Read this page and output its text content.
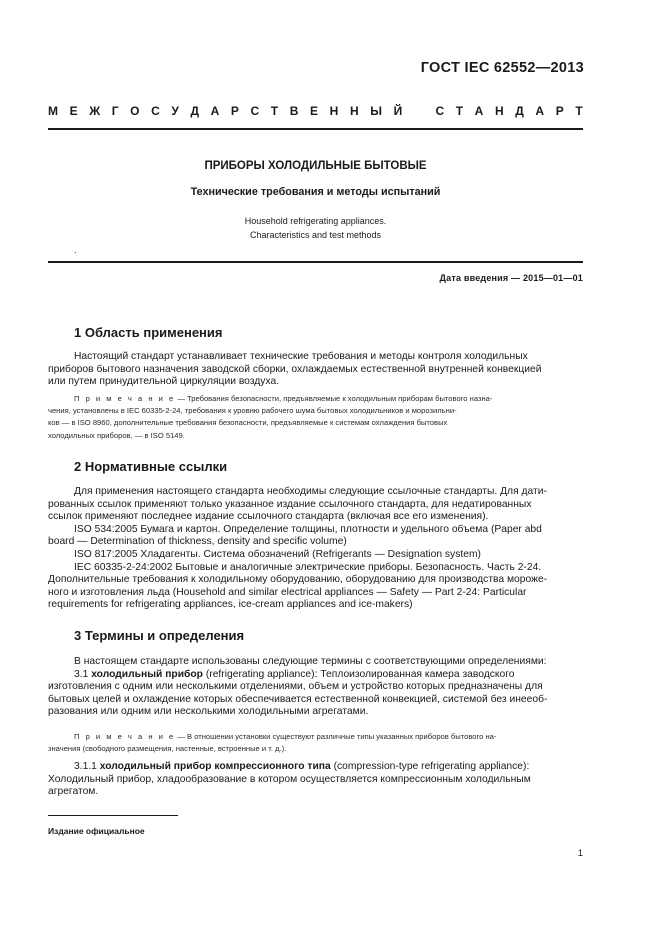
ГОСТ IEC 62552—2013
М Е Ж Г О С У Д А Р С Т В Е Н Н Ы Й
	С Т А Н Д А Р Т
ПРИБОРЫ ХОЛОДИЛЬНЫЕ БЫТОВЫЕ
Технические требования и методы испытаний
Household refrigerating appliances.
Characteristics and test methods
.
Дата введения — 2015—01—01
1 Область применения
Настоящий стандарт устанавливает технические требования и методы контроля холодильных
приборов бытового назначения заводской сборки, охлаждаемых естественной внутренней конвекцией
или путем принудительной циркуляции воздуха.
П р и м е ч а н и е — Требования безопасности, предъявляемые к холодильным приборам бытового назна-
чения, установлены в IEC 60335-2-24, требования к уровню рабочего шума бытовых холодильников и морозильни-
ков — в ISO 8960, дополнительные требования безопасности, предъявляемые к системам охлаждения бытовых
холодильных приборов, — в ISO 5149.
2 Нормативные ссылки
Для применения настоящего стандарта необходимы следующие ссылочные стандарты. Для дати-
рованных ссылок применяют только указанное издание ссылочного стандарта, для недатированных
ссылок применяют последнее издание ссылочного стандарта (включая все его изменения).
ISO 534:2005 Бумага и картон. Определение толщины, плотности и удельного объема (Paper abd
board — Determination of thickness, density and specific volume)
ISO 817:2005 Хладагенты. Система обозначений (Refrigerants — Designation system)
IEC 60335-2-24:2002 Бытовые и аналогичные электрические приборы. Безопасность. Часть 2-24.
Дополнительные требования к холодильному оборудованию, оборудованию для производства мороже-
ного и изготовления льда (Household and similar electrical appliances — Safety — Part 2-24: Particular
requirements for refrigerating appliances, ice-cream appliances and ice-makers)
3 Термины и определения
В настоящем стандарте использованы следующие термины с соответствующими определениями:
3.1 холодильный прибор (refrigerating appliance): Теплоизолированная камера заводского
изготовления с одним или несколькими отделениями, объем и устройство которых предназначены для
бытовых целей и охлаждение которых обеспечивается естественной конвекцией, системой без инееоб-
разования или одним или несколькими холодильными агрегатами.
П р и м е ч а н и е — В отношении установки существуют различные типы указанных приборов бытового на-
значения (свободного размещения, настенные, встроенные и т. д.).
3.1.1 холодильный прибор компрессионного типа (compression-type refrigerating appliance):
Холодильный прибор, хладообразование в котором осуществляется компрессионным холодильным
агрегатом.
Издание официальное
1
